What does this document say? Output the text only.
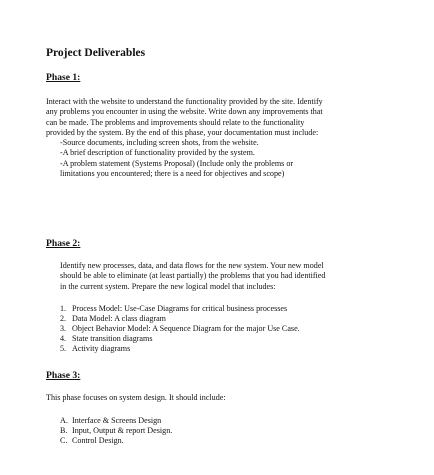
Project Deliverables
Phase 1:
Interact with the website to understand the functionality provided by the site. Identify
any problems you encounter in using the website. Write down any improvements that
can be made. The problems and improvements should relate to the functionality
provided by the system. By the end of this phase, your documentation must include:
-Source documents, including screen shots, from the website.
-A brief description of functionality provided by the system.
-A problem statement (Systems Proposal) (Include only the problems or
limitations you encountered; there is a need for objectives and scope)
Phase 2:
Identify new processes, data, and data flows for the new system. Your new model
should be able to eliminate (at least partially) the problems that you had identified
in the current system. Prepare the new logical model that includes:
1. Process Model: Use-Case Diagrams for critical business processes
2. Data Model: A class diagram
3. Object Behavior Model: A Sequence Diagram for the major Use Case.
4. State transition diagrams
5. Activity diagrams
Phase 3:
This phase focuses on system design. It should include:
A. Interface & Screens Design
B. Input, Output & report Design.
C. Control Design.
